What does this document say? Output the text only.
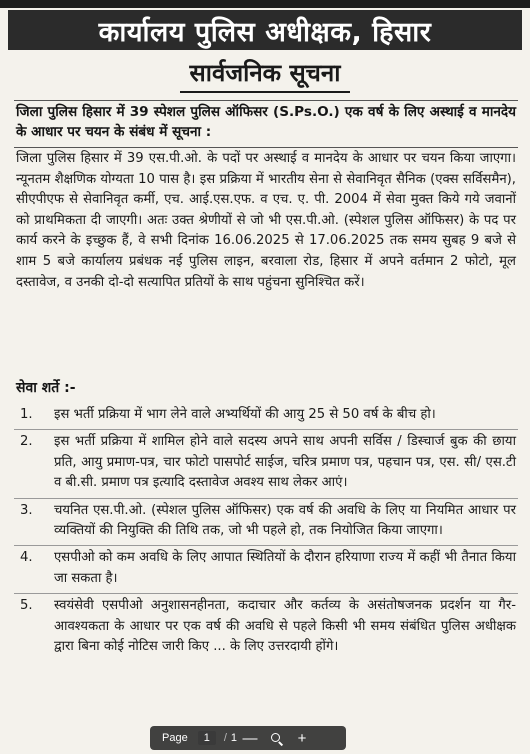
कार्यालय पुलिस अधीक्षक, हिसार
सार्वजनिक सूचना
जिला पुलिस हिसार में 39 स्पेशल पुलिस ऑफिसर (S.Ps.O.) एक वर्ष के लिए अस्थाई व मानदेय के आधार पर चयन के संबंध में सूचना :
जिला पुलिस हिसार में 39 एस.पी.ओ. के पदों पर अस्थाई व मानदेय के आधार पर चयन किया जाएगा। न्यूनतम शैक्षणिक योग्यता 10 पास है। इस प्रक्रिया में भारतीय सेना से सेवानिवृत सैनिक (एक्स सर्विसमैन), सीएपीएफ से सेवानिवृत कर्मी, एच. आई.एस.एफ. व एच. ए. पी. 2004 में सेवा मुक्त किये गये जवानों को प्राथमिकता दी जाएगी। अतः उक्त श्रेणीयों से जो भी एस.पी.ओ. (स्पेशल पुलिस ऑफिसर) के पद पर कार्य करने के इच्छुक हैं, वे सभी दिनांक 16.06.2025 से 17.06.2025 तक समय सुबह 9 बजे से शाम 5 बजे कार्यालय प्रबंधक नई पुलिस लाइन, बरवाला रोड, हिसार में अपने वर्तमान 2 फोटो, मूल दस्तावेज, व उनकी दो-दो सत्यापित प्रतियों के साथ पहुंचना सुनिश्चित करें।
सेवा शर्ते :-
1.	इस भर्ती प्रक्रिया में भाग लेने वाले अभ्यर्थियों की आयु 25 से 50 वर्ष के बीच हो।
2.	इस भर्ती प्रक्रिया में शामिल होने वाले सदस्य अपने साथ अपनी सर्विस / डिस्चार्ज बुक की छाया प्रति, आयु प्रमाण-पत्र, चार फोटो पासपोर्ट साईज, चरित्र प्रमाण पत्र, पहचान पत्र, एस. सी/ एस.टी व बी.सी. प्रमाण पत्र इत्यादि दस्तावेज अवश्य साथ लेकर आएं।
3.	चयनित एस.पी.ओ. (स्पेशल पुलिस ऑफिसर) एक वर्ष की अवधि के लिए या नियमित आधार पर व्यक्तियों की नियुक्ति की तिथि तक, जो भी पहले हो, तक नियोजित किया जाएगा।
4.	एसपीओ को कम अवधि के लिए आपात स्थितियों के दौरान हरियाणा राज्य में कहीं भी तैनात किया जा सकता है।
5.	स्वयंसेवी एसपीओ अनुशासनहीनता, कदाचार और कर्तव्य के असंतोषजनक प्रदर्शन या गैर-आवश्यकता के आधार पर एक वर्ष की अवधि से पहले किसी भी समय संबंधित पुलिस अधीक्षक द्वारा बिना कोई नोटिस जारी किए ... के लिए उत्तरदायी होंगे।
Page	1	/ 1 —	+
